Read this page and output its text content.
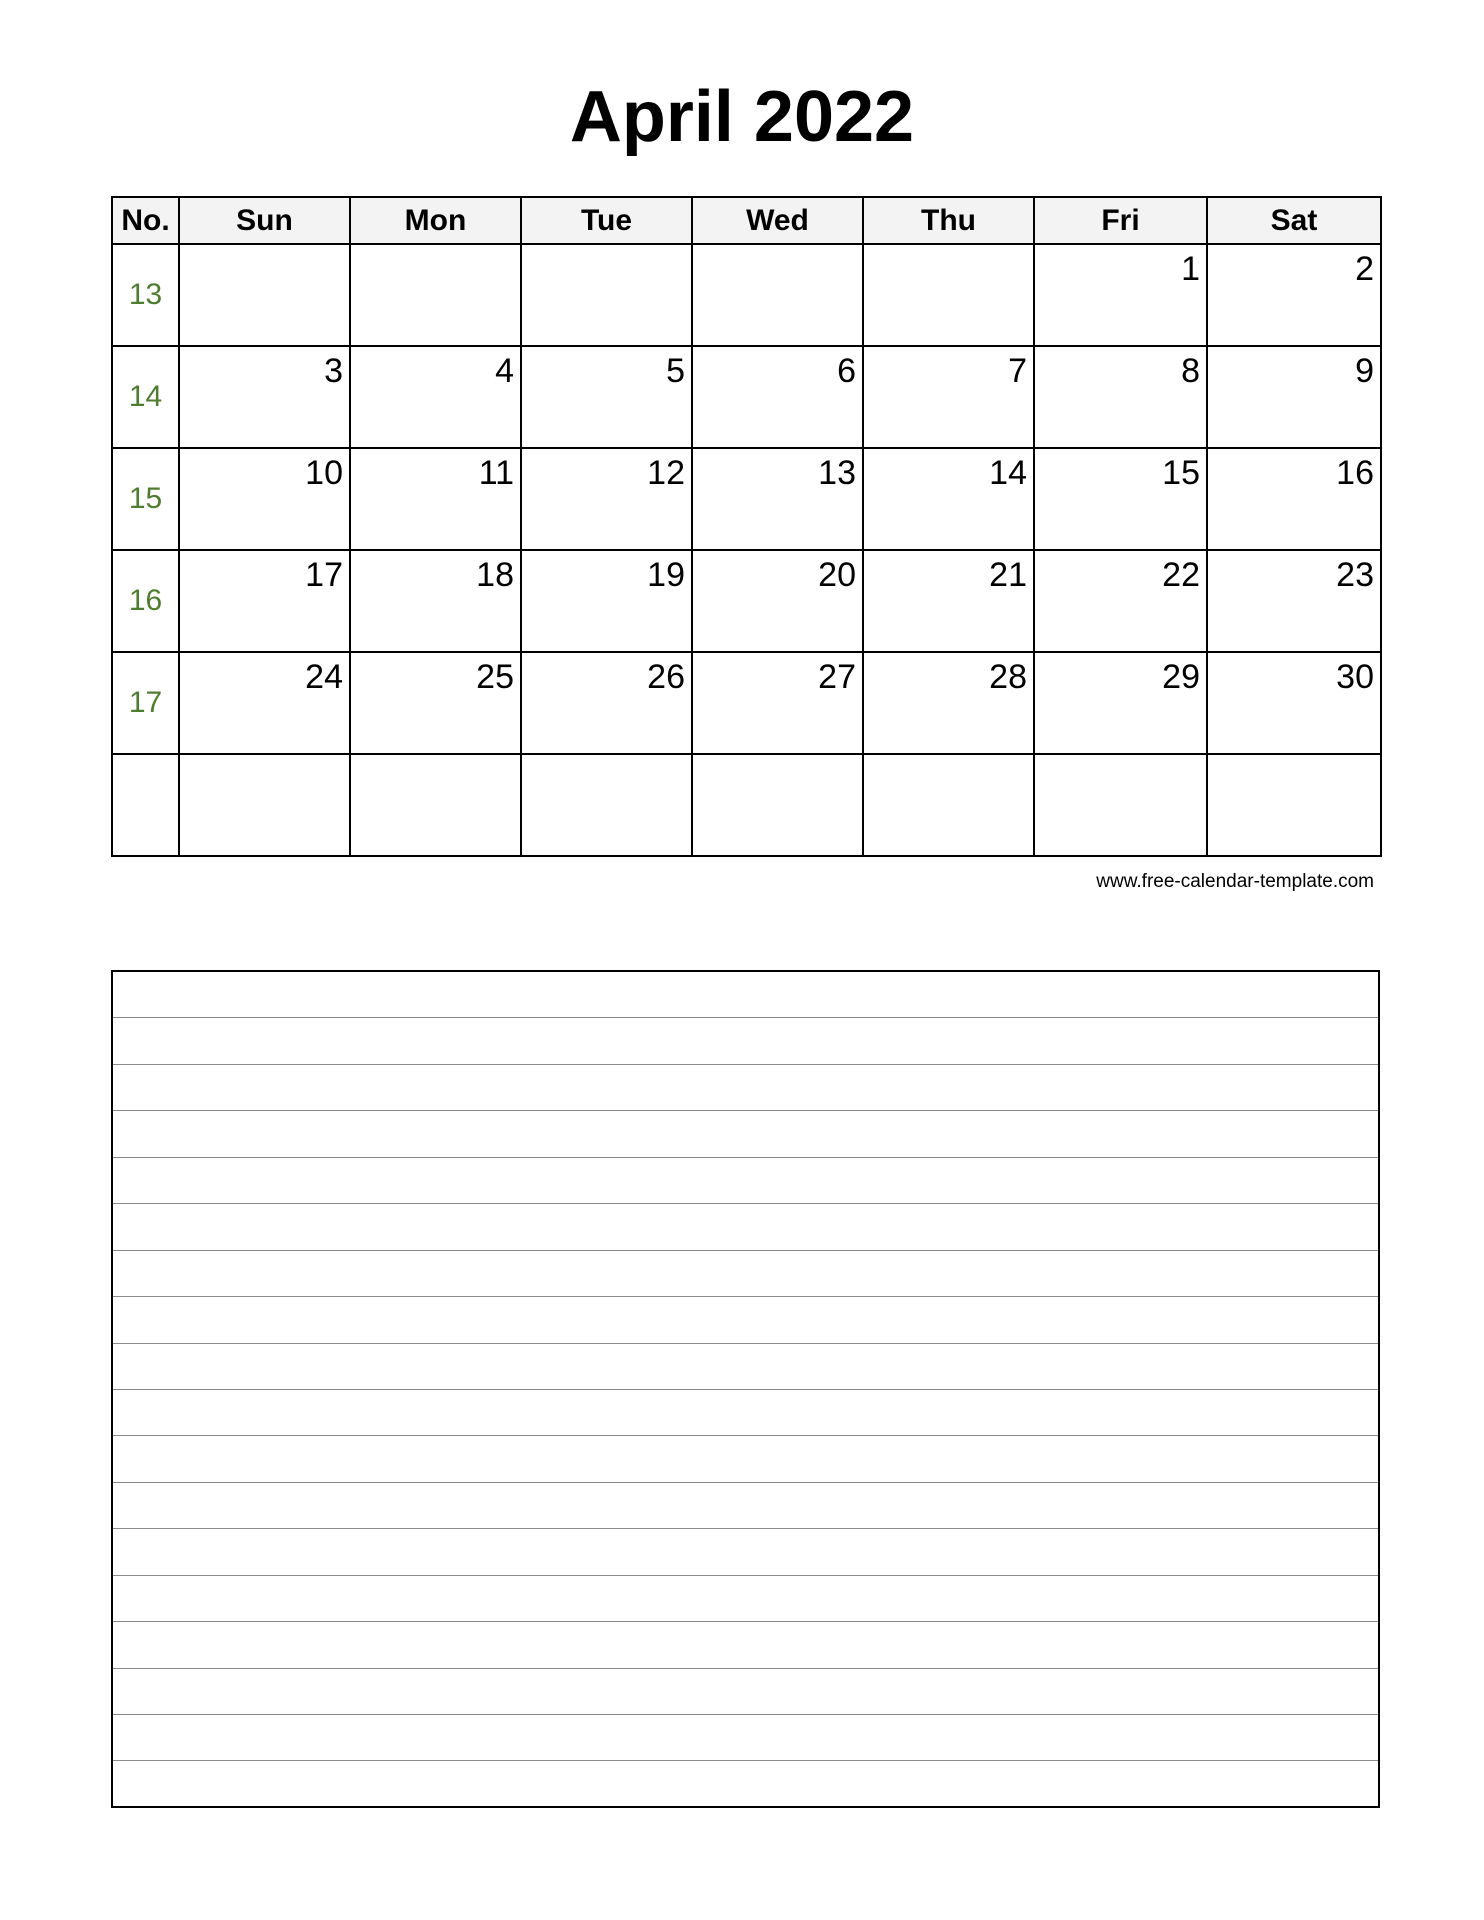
April 2022
No.	Sun	Mon	Tue	Wed	Thu	Fri	Sat
13						1	2

14	3	4	5	6	7	8	9

15	10	11	12	13	14	15	16

16	17	18	19	20	21	22	23

17	24	25	26	27	28	29	30

www.free-calendar-template.com
